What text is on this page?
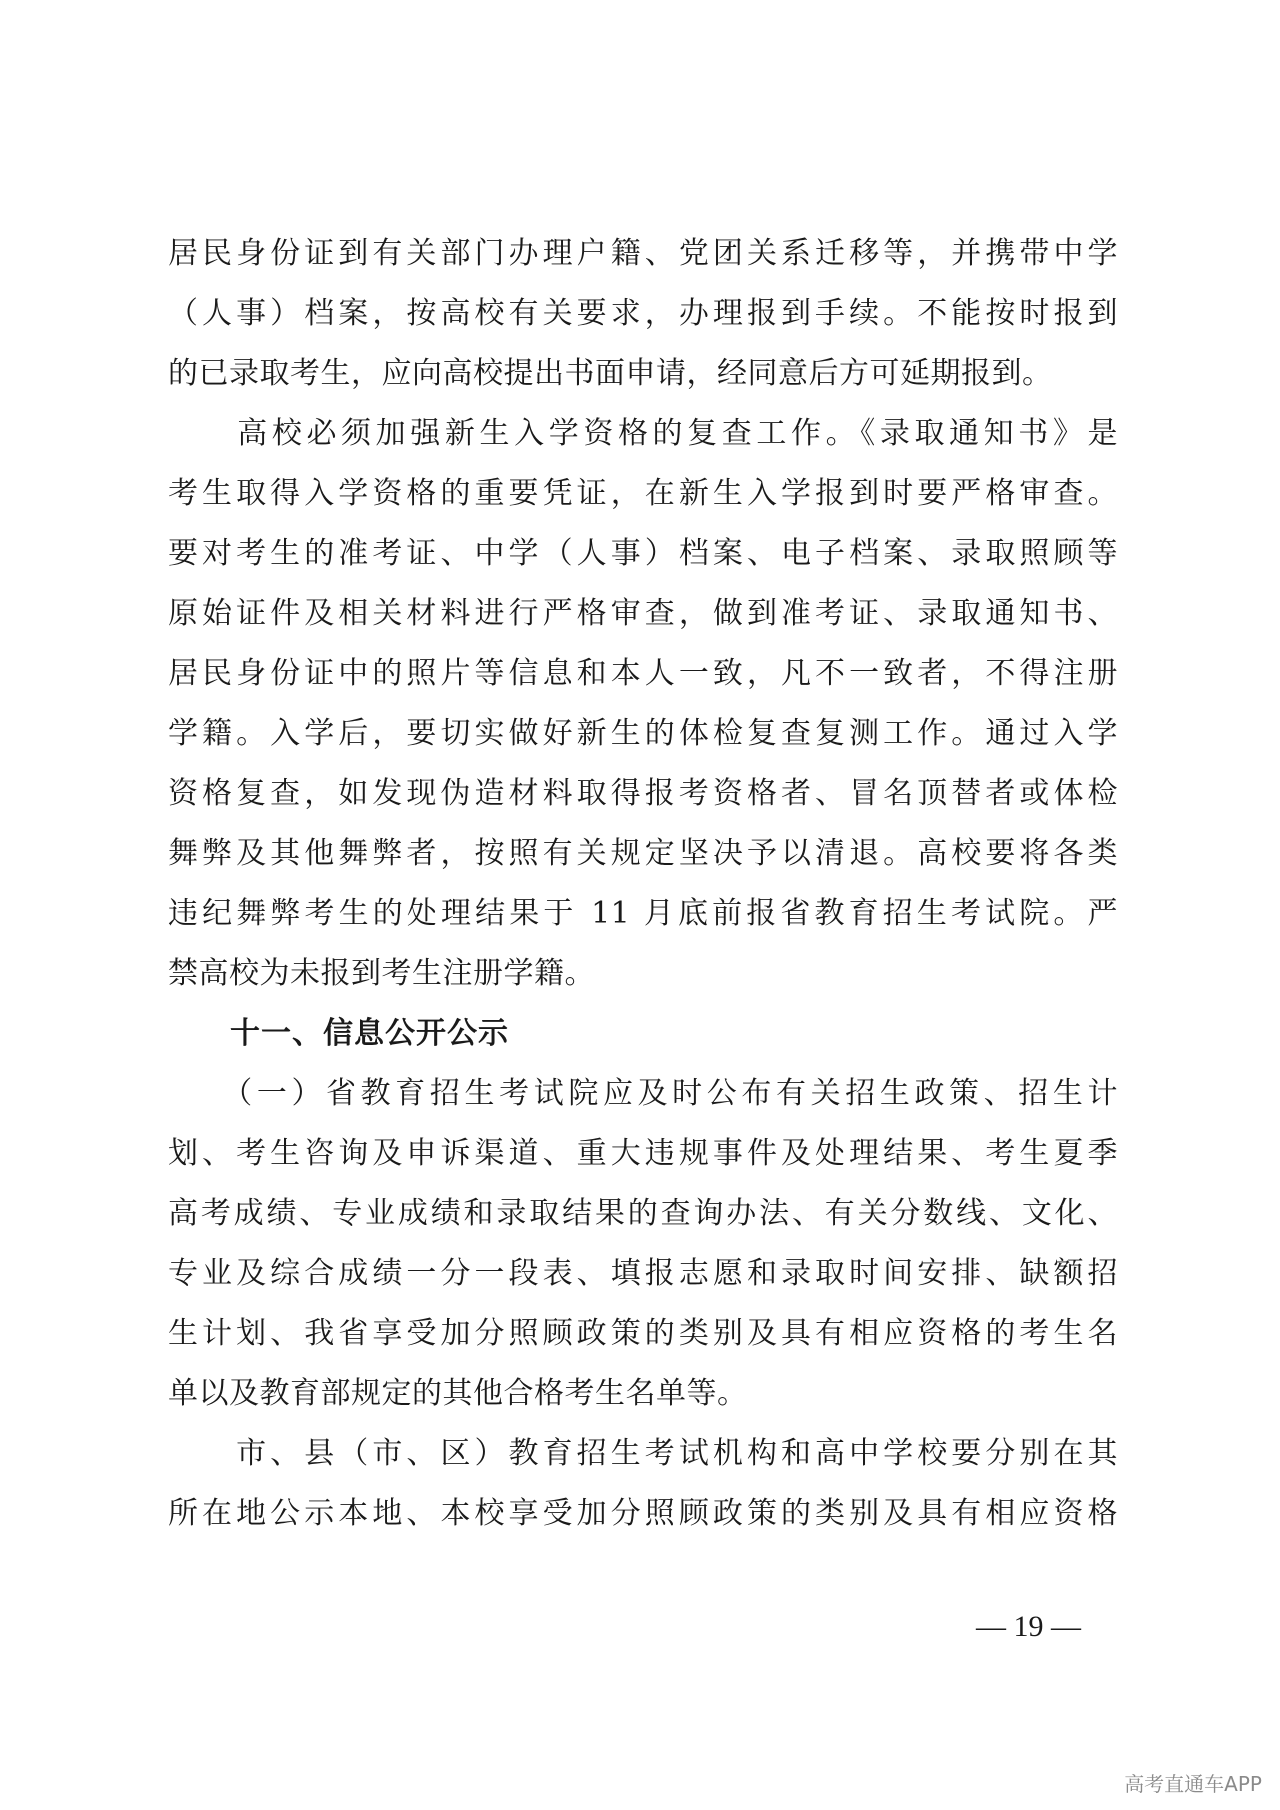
居民身份证到有关部门办理户籍、党团关系迁移等，并携带中学
（人事）档案，按高校有关要求，办理报到手续。不能按时报到
的已录取考生，应向高校提出书面申请，经同意后方可延期报到。
　　高校必须加强新生入学资格的复查工作。《录取通知书》是
考生取得入学资格的重要凭证，在新生入学报到时要严格审查。
要对考生的准考证、中学（人事）档案、电子档案、录取照顾等
原始证件及相关材料进行严格审查，做到准考证、录取通知书、
居民身份证中的照片等信息和本人一致，凡不一致者，不得注册
学籍。入学后，要切实做好新生的体检复查复测工作。通过入学
资格复查，如发现伪造材料取得报考资格者、冒名顶替者或体检
舞弊及其他舞弊者，按照有关规定坚决予以清退。高校要将各类
违纪舞弊考生的处理结果于 11 月底前报省教育招生考试院。严
禁高校为未报到考生注册学籍。
　　十一、信息公开公示
　　（一）省教育招生考试院应及时公布有关招生政策、招生计
划、考生咨询及申诉渠道、重大违规事件及处理结果、考生夏季
高考成绩、专业成绩和录取结果的查询办法、有关分数线、文化、
专业及综合成绩一分一段表、填报志愿和录取时间安排、缺额招
生计划、我省享受加分照顾政策的类别及具有相应资格的考生名
单以及教育部规定的其他合格考生名单等。
　　市、县（市、区）教育招生考试机构和高中学校要分别在其
所在地公示本地、本校享受加分照顾政策的类别及具有相应资格
— 19 —
高考直通车APP
